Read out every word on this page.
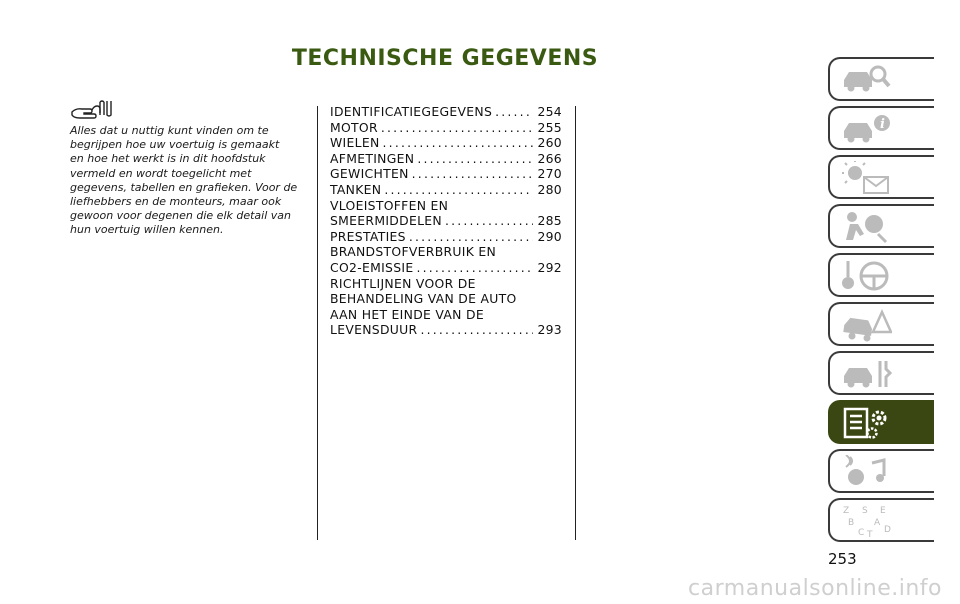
TECHNISCHE GEGEVENS
Alles dat u nuttig kunt vinden om te
begrijpen hoe uw voertuig is gemaakt
en hoe het werkt is in dit hoofdstuk
vermeld en wordt toegelicht met
gegevens, tabellen en grafieken. Voor de
liefhebbers en de monteurs, maar ook
gewoon voor degenen die elk detail van
hun voertuig willen kennen.
IDENTIFICATIEGEGEVENS .....	254
MOTOR .....	255
WIELEN .....	260
AFMETINGEN .....	266
GEWICHTEN .....	270
TANKEN .....	280
VLOEISTOFFEN EN
SMEERMIDDELEN .....	285
PRESTATIES .....	290
BRANDSTOFVERBRUIK EN
CO2-EMISSIE .....	292
RICHTLIJNEN VOOR DE
BEHANDELING VAN DE AUTO
AAN HET EINDE VAN DE
LEVENSDUUR .....	293
i
Z S E
B A
C T D
253
carmanualsonline.info
